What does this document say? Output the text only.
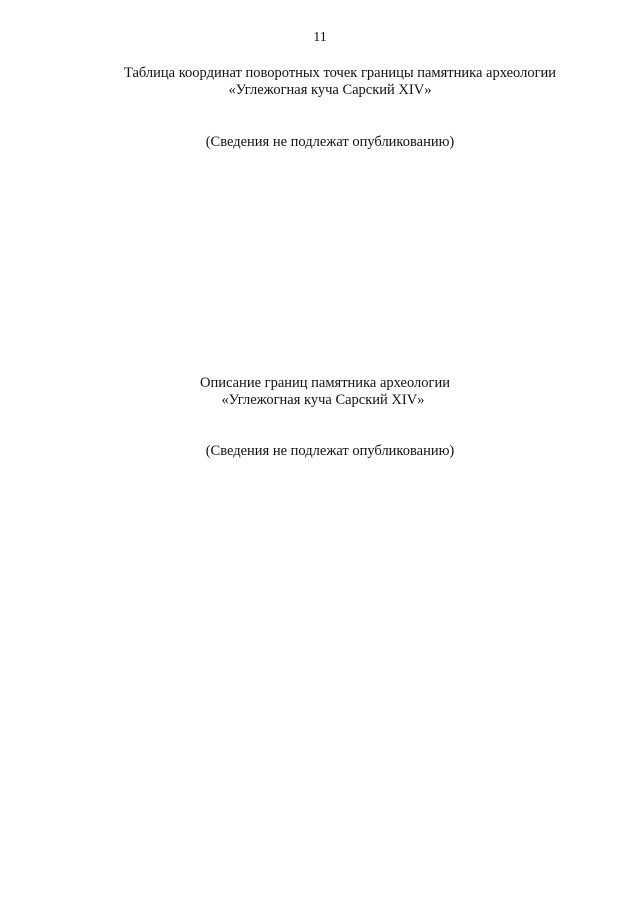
11
Таблица координат поворотных точек границы памятника археологии
«Углежогная куча Сарский XIV»
(Сведения не подлежат опубликованию)
Описание границ памятника археологии
«Углежогная куча Сарский XIV»
(Сведения не подлежат опубликованию)
